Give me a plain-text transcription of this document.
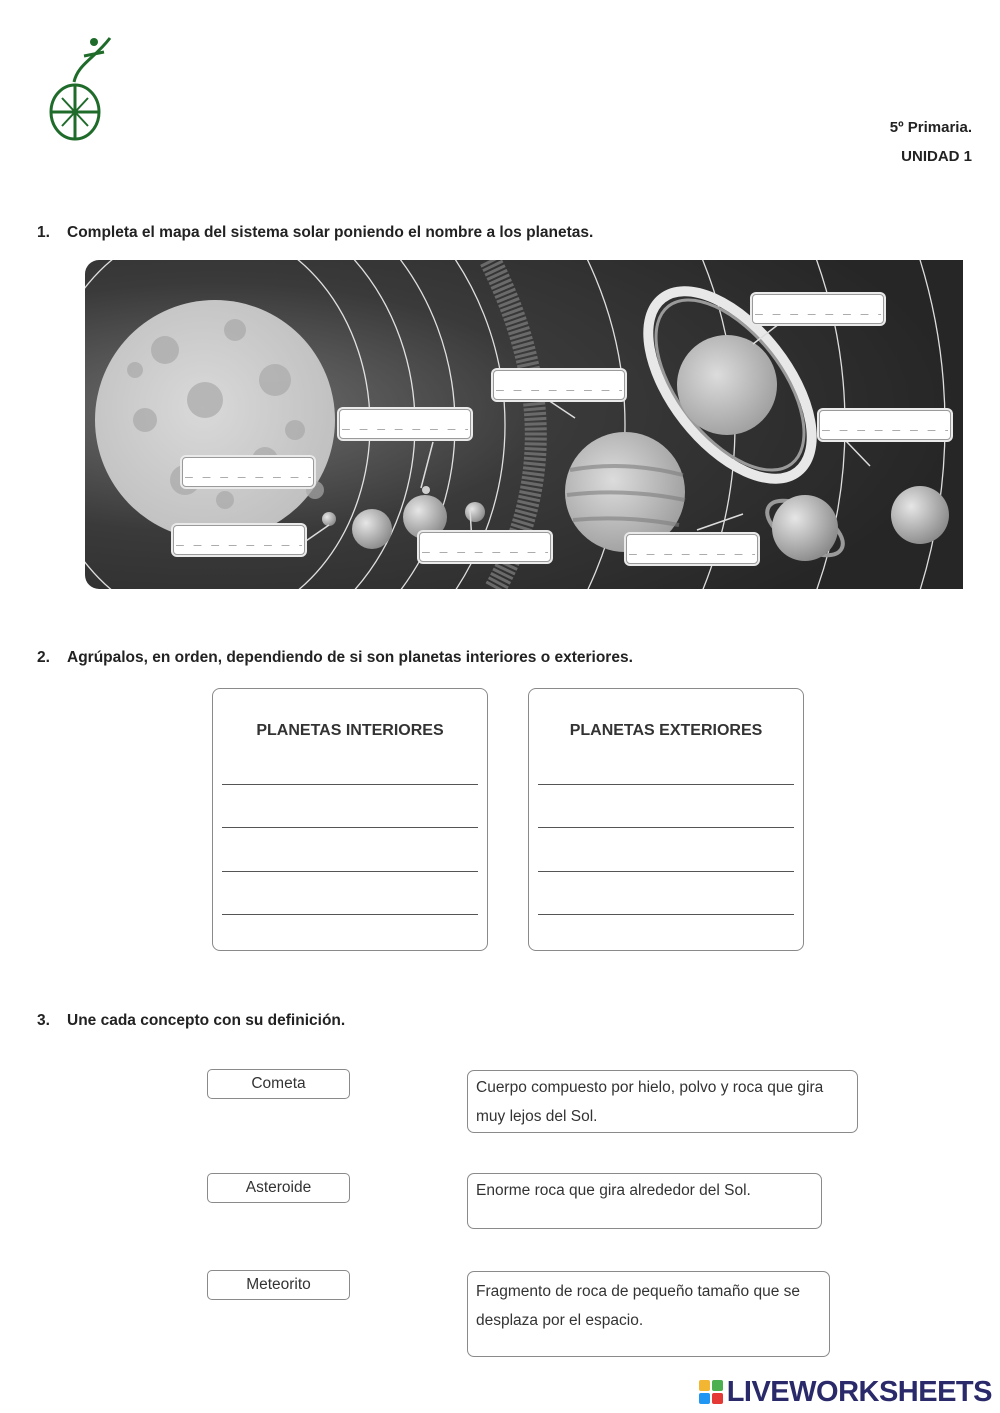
5º Primaria.
UNIDAD 1
1. Completa el mapa del sistema solar poniendo el nombre a los planetas.
_ _ _ _ _ _ _ _ _ _
_ _ _ _ _ _ _ _ _ _
_ _ _ _ _ _ _ _ _ _
_ _ _ _ _ _ _ _ _ _
_ _ _ _ _ _ _ _ _ _
_ _ _ _ _ _ _ _ _ _
_ _ _ _ _ _ _ _ _ _
_ _ _ _ _ _ _ _ _ _
2. Agrúpalos, en orden, dependiendo de si son planetas interiores o exteriores.
PLANETAS INTERIORES	PLANETAS EXTERIORES
3. Une cada concepto con su definición.
Cometa
Asteroide
Meteorito
Cuerpo compuesto por hielo, polvo y roca que gira muy lejos del Sol.
Enorme roca que gira alrededor del Sol.
Fragmento de roca de pequeño tamaño que se desplaza por el espacio.
LIVEWORKSHEETS
